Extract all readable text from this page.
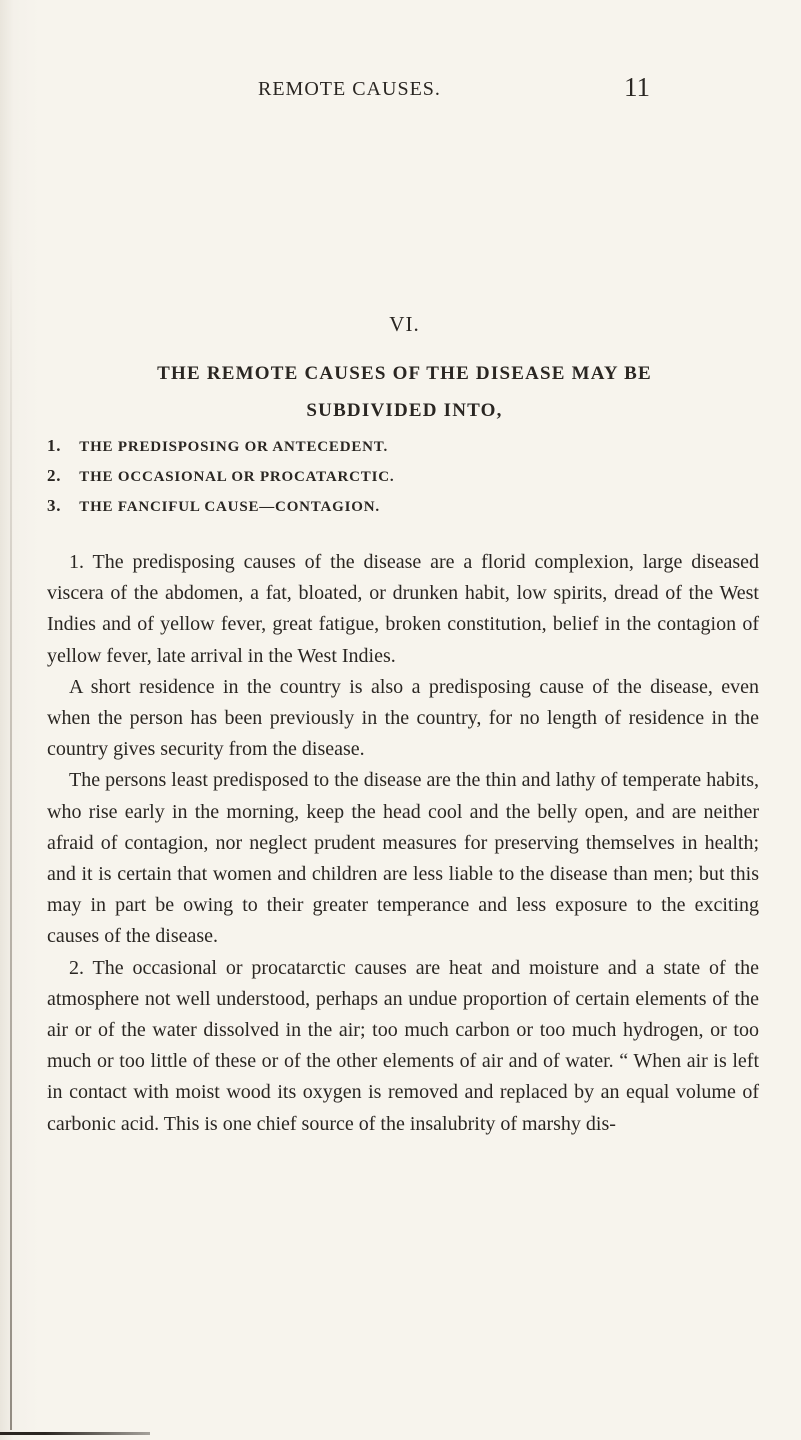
REMOTE CAUSES.	11
VI.
THE REMOTE CAUSES OF THE DISEASE MAY BE
SUBDIVIDED INTO,
1. THE PREDISPOSING OR ANTECEDENT.
2. THE OCCASIONAL OR PROCATARCTIC.
3. THE FANCIFUL CAUSE—CONTAGION.

1. The predisposing causes of the disease are a florid complexion, large diseased viscera of the abdomen, a fat, bloated, or drunken habit, low spirits, dread of the West Indies and of yellow fever, great fatigue, broken constitution, belief in the contagion of yellow fever, late arrival in the West Indies.

A short residence in the country is also a predisposing cause of the disease, even when the person has been previously in the country, for no length of residence in the country gives security from the disease.

The persons least predisposed to the disease are the thin and lathy of temperate habits, who rise early in the morning, keep the head cool and the belly open, and are neither afraid of contagion, nor neglect prudent measures for preserving themselves in health; and it is certain that women and children are less liable to the disease than men; but this may in part be owing to their greater temperance and less exposure to the exciting causes of the disease.

2. The occasional or procatarctic causes are heat and moisture and a state of the atmosphere not well understood, perhaps an undue proportion of certain elements of the air or of the water dissolved in the air; too much carbon or too much hydrogen, or too much or too little of these or of the other elements of air and of water. “ When air is left in contact with moist wood its oxygen is removed and replaced by an equal volume of carbonic acid. This is one chief source of the insalubrity of marshy dis-
